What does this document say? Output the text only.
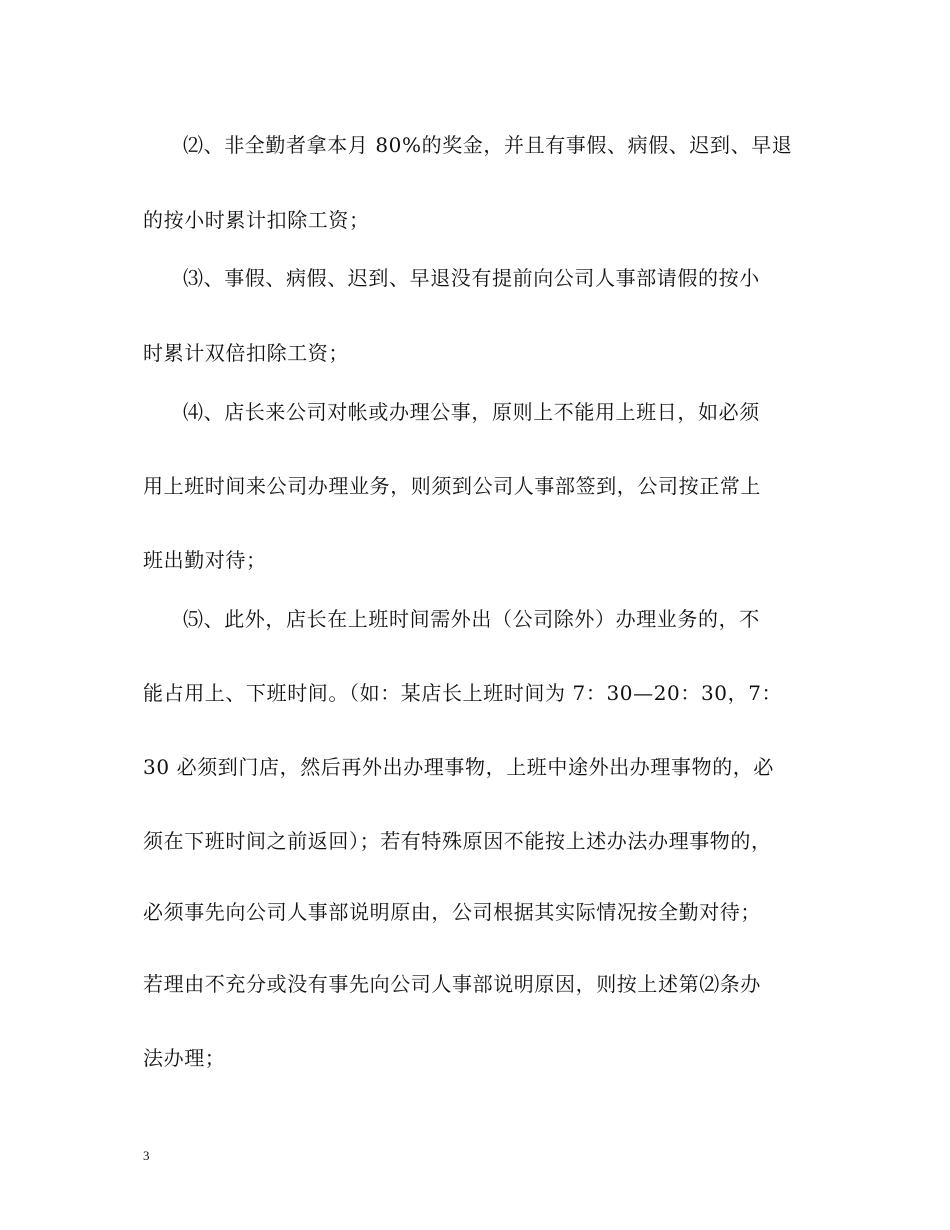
⑵、非全勤者拿本月 80%的奖金，并且有事假、病假、迟到、早退
的按小时累计扣除工资；
⑶、事假、病假、迟到、早退没有提前向公司人事部请假的按小
时累计双倍扣除工资；
⑷、店长来公司对帐或办理公事，原则上不能用上班日，如必须
用上班时间来公司办理业务，则须到公司人事部签到，公司按正常上
班出勤对待；
⑸、此外，店长在上班时间需外出（公司除外）办理业务的，不
能占用上、下班时间。（如：某店长上班时间为 7：30—20：30，7：
30 必须到门店，然后再外出办理事物，上班中途外出办理事物的，必
须在下班时间之前返回）；若有特殊原因不能按上述办法办理事物的，
必须事先向公司人事部说明原由，公司根据其实际情况按全勤对待；
若理由不充分或没有事先向公司人事部说明原因，则按上述第⑵条办
法办理；
3
